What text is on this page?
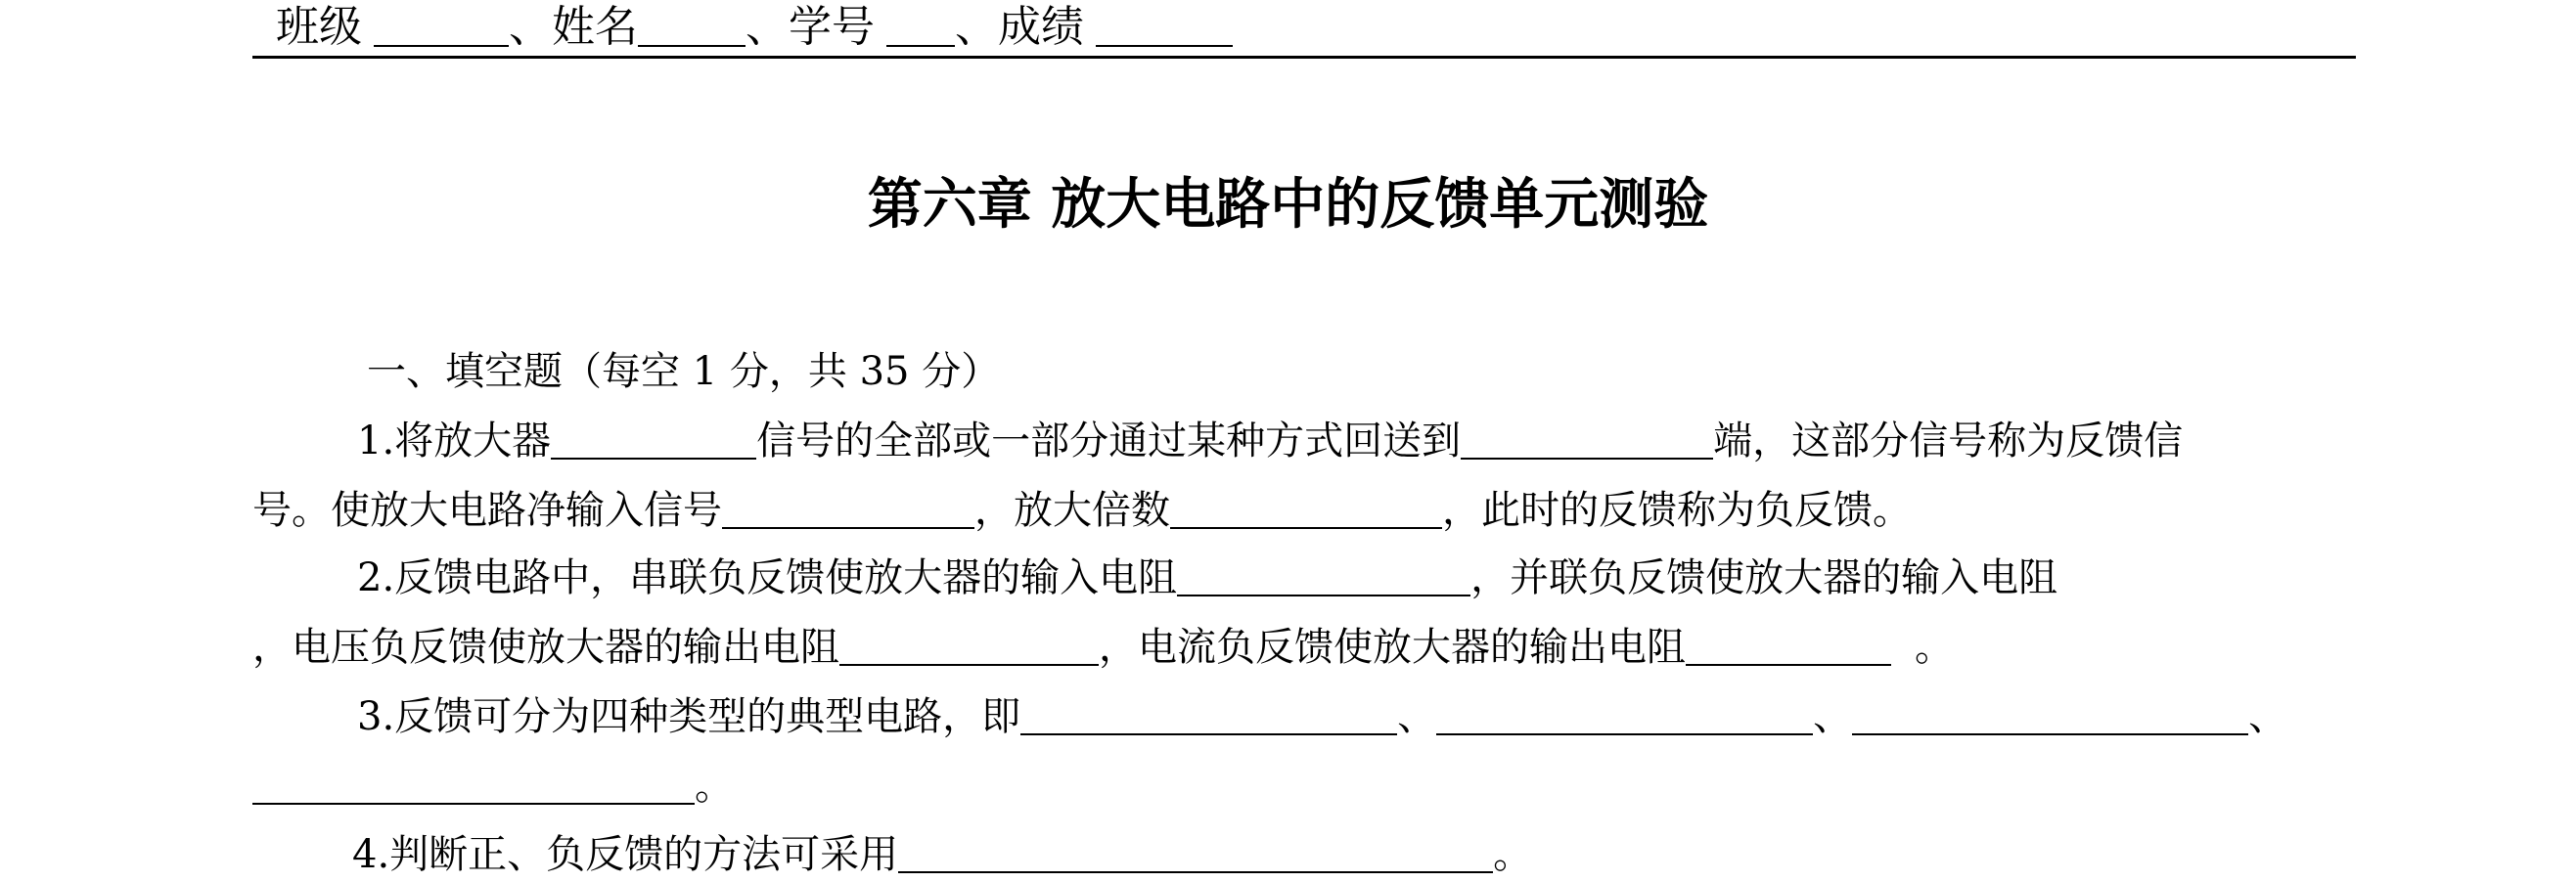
班级	、姓名	、学号 、成绩
第六章 放大电路中的反馈单元测验
一、填空题（每空 1 分，共 35 分）
1.将放大器	信号的全部或一部分通过某种方式回送到	端，这部分信号称为反馈信
号。使放大电路净输入信号	，放大倍数	，此时的反馈称为负反馈。
2.反馈电路中，串联负反馈使放大器的输入电阻	，并联负反馈使放大器的输入电阻
，电压负反馈使放大器的输出电阻	，电流负反馈使放大器的输出电阻	。
3.反馈可分为四种类型的典型电路，即	、	、	、
。
4.判断正、负反馈的方法可采用	。
